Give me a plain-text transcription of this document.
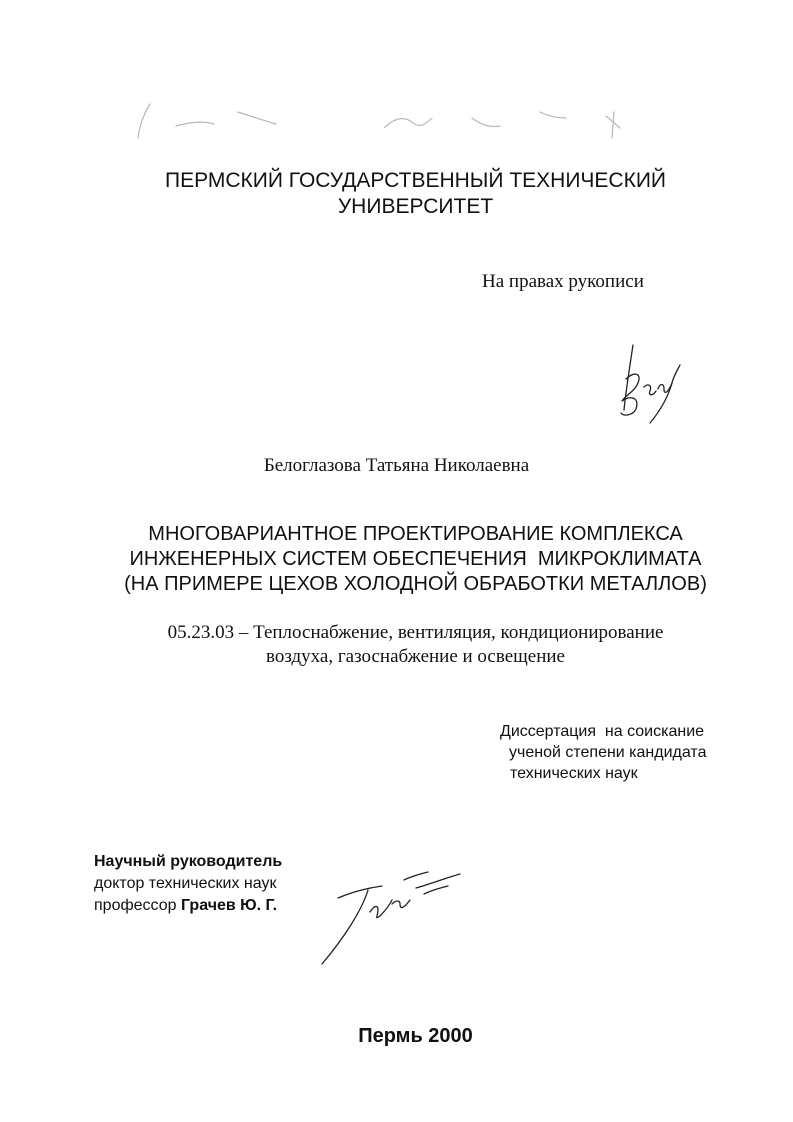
ПЕРМСКИЙ ГОСУДАРСТВЕННЫЙ ТЕХНИЧЕСКИЙ
УНИВЕРСИТЕТ
На правах рукописи
Белоглазова Татьяна Николаевна
МНОГОВАРИАНТНОЕ ПРОЕКТИРОВАНИЕ КОМПЛЕКСА
ИНЖЕНЕРНЫХ СИСТЕМ ОБЕСПЕЧЕНИЯ  МИКРОКЛИМАТА
(НА ПРИМЕРЕ ЦЕХОВ ХОЛОДНОЙ ОБРАБОТКИ МЕТАЛЛОВ)
05.23.03 – Теплоснабжение, вентиляция, кондиционирование
воздуха, газоснабжение и освещение
Диссертация  на соискание
ученой степени кандидата
технических наук
Научный руководитель
доктор технических наук
профессор Грачев Ю. Г.
Пермь 2000
